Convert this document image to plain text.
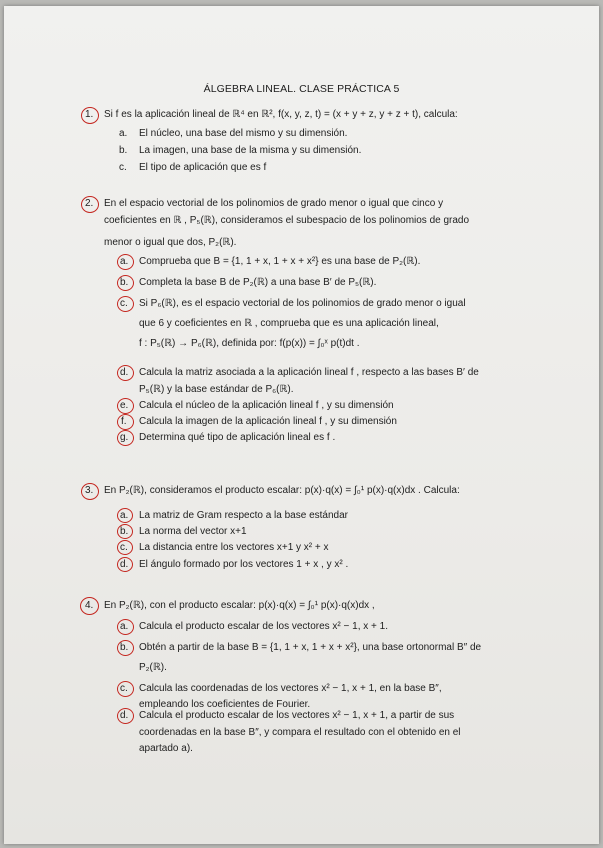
ÁLGEBRA LINEAL. CLASE PRÁCTICA 5
1. Si f es la aplicación lineal de ℝ⁴ en ℝ², f(x, y, z, t) = (x + y + z, y + z + t), calcula:
a. El núcleo, una base del mismo y su dimensión.
b. La imagen, una base de la misma y su dimensión.
c. El tipo de aplicación que es f
2. En el espacio vectorial de los polinomios de grado menor o igual que cinco y
coeficientes en ℝ , P₅(ℝ), consideramos el subespacio de los polinomios de grado
menor o igual que dos, P₂(ℝ).
a. Comprueba que B = {1, 1 + x, 1 + x + x²} es una base de P₂(ℝ).
b. Completa la base B de P₂(ℝ) a una base B′ de P₅(ℝ).
c. Si P₆(ℝ), es el espacio vectorial de los polinomios de grado menor o igual
que 6 y coeficientes en ℝ , comprueba que es una aplicación lineal,
f : P₅(ℝ) → P₆(ℝ), definida por: f(p(x)) = ∫₀ˣ p(t)dt .
d. Calcula la matriz asociada a la aplicación lineal f , respecto a las bases B′ de
P₅(ℝ) y la base estándar de P₆(ℝ).
e. Calcula el núcleo de la aplicación lineal f , y su dimensión
f. Calcula la imagen de la aplicación lineal f , y su dimensión
g. Determina qué tipo de aplicación lineal es f .
3. En P₂(ℝ), consideramos el producto escalar: p(x)·q(x) = ∫₀¹ p(x)·q(x)dx . Calcula:
a. La matriz de Gram respecto a la base estándar
b. La norma del vector x+1
c. La distancia entre los vectores x+1 y x² + x
d. El ángulo formado por los vectores 1 + x , y x² .
4. En P₂(ℝ), con el producto escalar: p(x)·q(x) = ∫₀¹ p(x)·q(x)dx ,
a. Calcula el producto escalar de los vectores x² − 1, x + 1.
b. Obtén a partir de la base B = {1, 1 + x, 1 + x + x²}, una base ortonormal B″ de
P₂(ℝ).
c. Calcula las coordenadas de los vectores x² − 1, x + 1, en la base B″,
empleando los coeficientes de Fourier.
d. Calcula el producto escalar de los vectores x² − 1, x + 1, a partir de sus
coordenadas en la base B″, y compara el resultado con el obtenido en el
apartado a).
